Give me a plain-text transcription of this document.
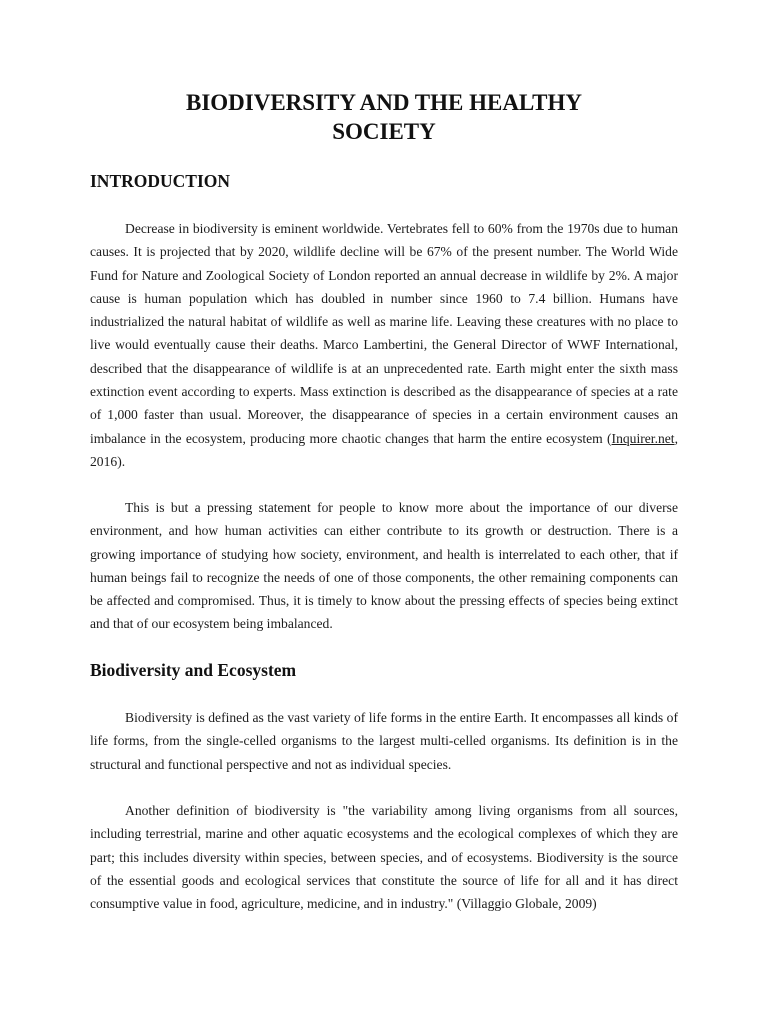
BIODIVERSITY AND THE HEALTHY
SOCIETY
INTRODUCTION

Decrease in biodiversity is eminent worldwide. Vertebrates fell to 60% from the 1970s due to human causes. It is projected that by 2020, wildlife decline will be 67% of the present number. The World Wide Fund for Nature and Zoological Society of London reported an annual decrease in wildlife by 2%. A major cause is human population which has doubled in number since 1960 to 7.4 billion. Humans have industrialized the natural habitat of wildlife as well as marine life. Leaving these creatures with no place to live would eventually cause their deaths. Marco Lambertini, the General Director of WWF International, described that the disappearance of wildlife is at an unprecedented rate. Earth might enter the sixth mass extinction event according to experts. Mass extinction is described as the disappearance of species at a rate of 1,000 faster than usual. Moreover, the disappearance of species in a certain environment causes an imbalance in the ecosystem, producing more chaotic changes that harm the entire ecosystem (Inquirer.net, 2016).

This is but a pressing statement for people to know more about the importance of our diverse environment, and how human activities can either contribute to its growth or destruction. There is a growing importance of studying how society, environment, and health is interrelated to each other, that if human beings fail to recognize the needs of one of those components, the other remaining components can be affected and compromised. Thus, it is timely to know about the pressing effects of species being extinct and that of our ecosystem being imbalanced.

Biodiversity and Ecosystem

Biodiversity is defined as the vast variety of life forms in the entire Earth. It encompasses all kinds of life forms, from the single-celled organisms to the largest multi-celled organisms. Its definition is in the structural and functional perspective and not as individual species.

Another definition of biodiversity is "the variability among living organisms from all sources, including terrestrial, marine and other aquatic ecosystems and the ecological complexes of which they are part; this includes diversity within species, between species, and of ecosystems. Biodiversity is the source of the essential goods and ecological services that constitute the source of life for all and it has direct consumptive value in food, agriculture, medicine, and in industry." (Villaggio Globale, 2009)
